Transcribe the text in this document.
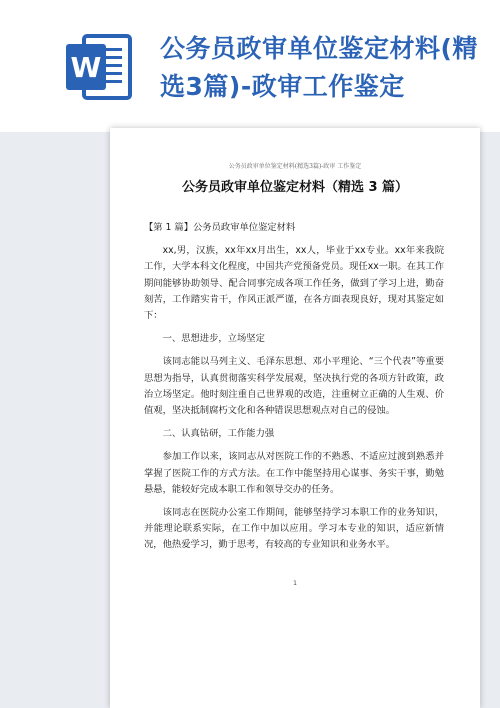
W
公务员政审单位鉴定材料(精选3篇)-政审工作鉴定
公务员政审单位鉴定材料(精选3篇)-政审 工作鉴定
公务员政审单位鉴定材料（精选 3 篇）

【第 1 篇】公务员政审单位鉴定材料

xx,男，汉族，xx年xx月出生，xx人，毕业于xx专业。xx年来我院工作，大学本科文化程度，中国共产党预备党员。现任xx一职。在其工作期间能够协助领导、配合同事完成各项工作任务，做到了学习上进，勤奋刻苦，工作踏实肯干，作风正派严谨，在各方面表现良好，现对其鉴定如下：

一、思想进步，立场坚定

该同志能以马列主义、毛泽东思想、邓小平理论、“三个代表”等重要思想为指导，认真贯彻落实科学发展观，坚决执行党的各项方针政策，政治立场坚定。他时刻注重自己世界观的改造，注重树立正确的人生观、价值观，坚决抵制腐朽文化和各种错误思想观点对自己的侵蚀。

二、认真钻研，工作能力强

参加工作以来，该同志从对医院工作的不熟悉、不适应过渡到熟悉并掌握了医院工作的方式方法。在工作中能坚持用心谋事、务实干事，勤勉悬悬，能较好完成本职工作和领导交办的任务。

该同志在医院办公室工作期间，能够坚持学习本职工作的业务知识，并能理论联系实际，在工作中加以应用。学习本专业的知识，适应新情况，他热爱学习，勤于思考，有较高的专业知识和业务水平。

1
